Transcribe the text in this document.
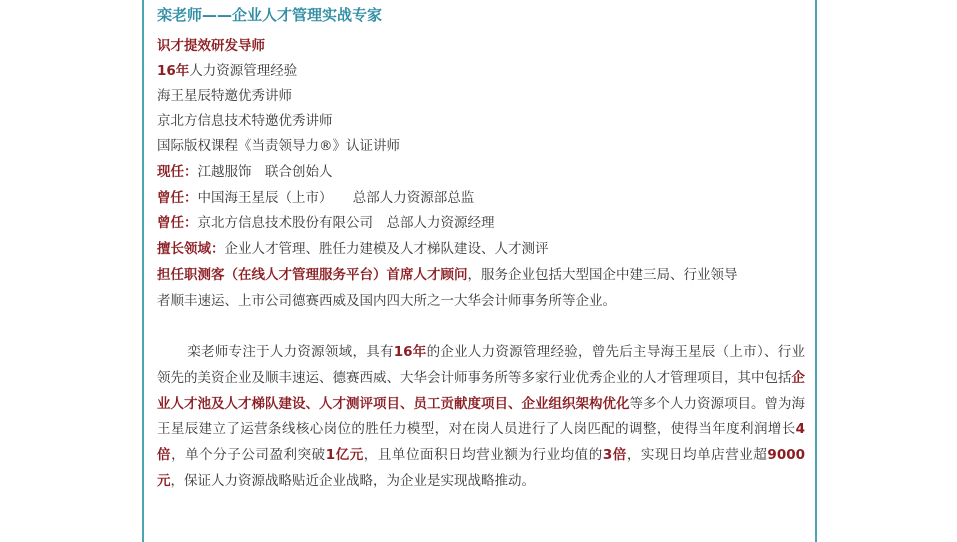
栾老师——企业人才管理实战专家
识才提效研发导师
16年人力资源管理经验
海王星辰特邀优秀讲师
京北方信息技术特邀优秀讲师
国际版权课程《当责领导力®》认证讲师
现任：江越服饰　联合创始人
曾任：中国海王星辰（上市）　　总部人力资源部总监
曾任：京北方信息技术股份有限公司　总部人力资源经理
擅长领域：企业人才管理、胜任力建模及人才梯队建设、人才测评
担任职测客（在线人才管理服务平台）首席人才顾问，服务企业包括大型国企中建三局、行业领导
者顺丰速运、上市公司德赛西威及国内四大所之一大华会计师事务所等企业。
栾老师专注于人力资源领域，具有16年的企业人力资源管理经验，曾先后主导海王星辰（上市）、行业领先的美资企业及顺丰速运、德赛西威、大华会计师事务所等多家行业优秀企业的人才管理项目，其中包括企业人才池及人才梯队建设、人才测评项目、员工贡献度项目、企业组织架构优化等多个人力资源项目。曾为海王星辰建立了运营条线核心岗位的胜任力模型，对在岗人员进行了人岗匹配的调整，使得当年度利润增长4倍，单个分子公司盈利突破1亿元，且单位面积日均营业额为行业均值的3倍，实现日均单店营业超9000元，保证人力资源战略贴近企业战略，为企业是实现战略推动。
